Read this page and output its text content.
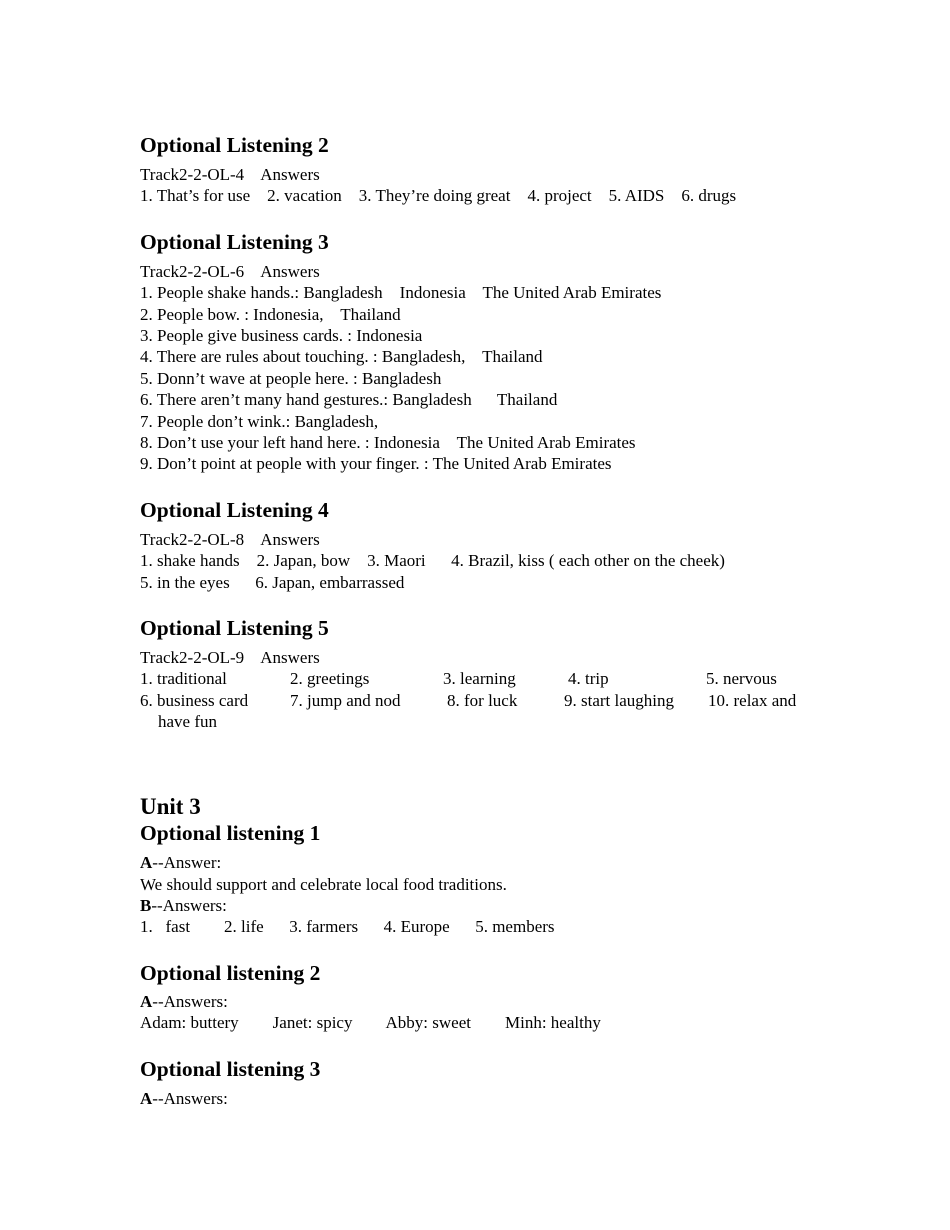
Optional Listening 2
Track2-2-OL-4    Answers
1. That’s for use    2. vacation    3. They’re doing great    4. project    5. AIDS    6. drugs
Optional Listening 3
Track2-2-OL-6    Answers
1. People shake hands.: Bangladesh    Indonesia    The United Arab Emirates
2. People bow. : Indonesia,    Thailand
3. People give business cards. : Indonesia
4. There are rules about touching. : Bangladesh,    Thailand
5. Donn’t wave at people here. : Bangladesh
6. There aren’t many hand gestures.: Bangladesh      Thailand
7. People don’t wink.: Bangladesh,
8. Don’t use your left hand here. : Indonesia    The United Arab Emirates
9. Don’t point at people with your finger. : The United Arab Emirates
Optional Listening 4
Track2-2-OL-8    Answers
1. shake hands    2. Japan, bow    3. Maori      4. Brazil, kiss ( each other on the cheek)
5. in the eyes      6. Japan, embarrassed
Optional Listening 5
Track2-2-OL-9    Answers
1. traditional	2. greetings	3. learning	4. trip	5. nervous
6. business card 7. jump and nod	8. for luck	9. start laughing 10. relax and
have fun
Unit 3
Optional listening 1
A--Answer:
We should support and celebrate local food traditions.
B--Answers:
1.   fast        2. life      3. farmers      4. Europe      5. members
Optional listening 2
A--Answers:
Adam: buttery        Janet: spicy        Abby: sweet        Minh: healthy
Optional listening 3
A--Answers:
